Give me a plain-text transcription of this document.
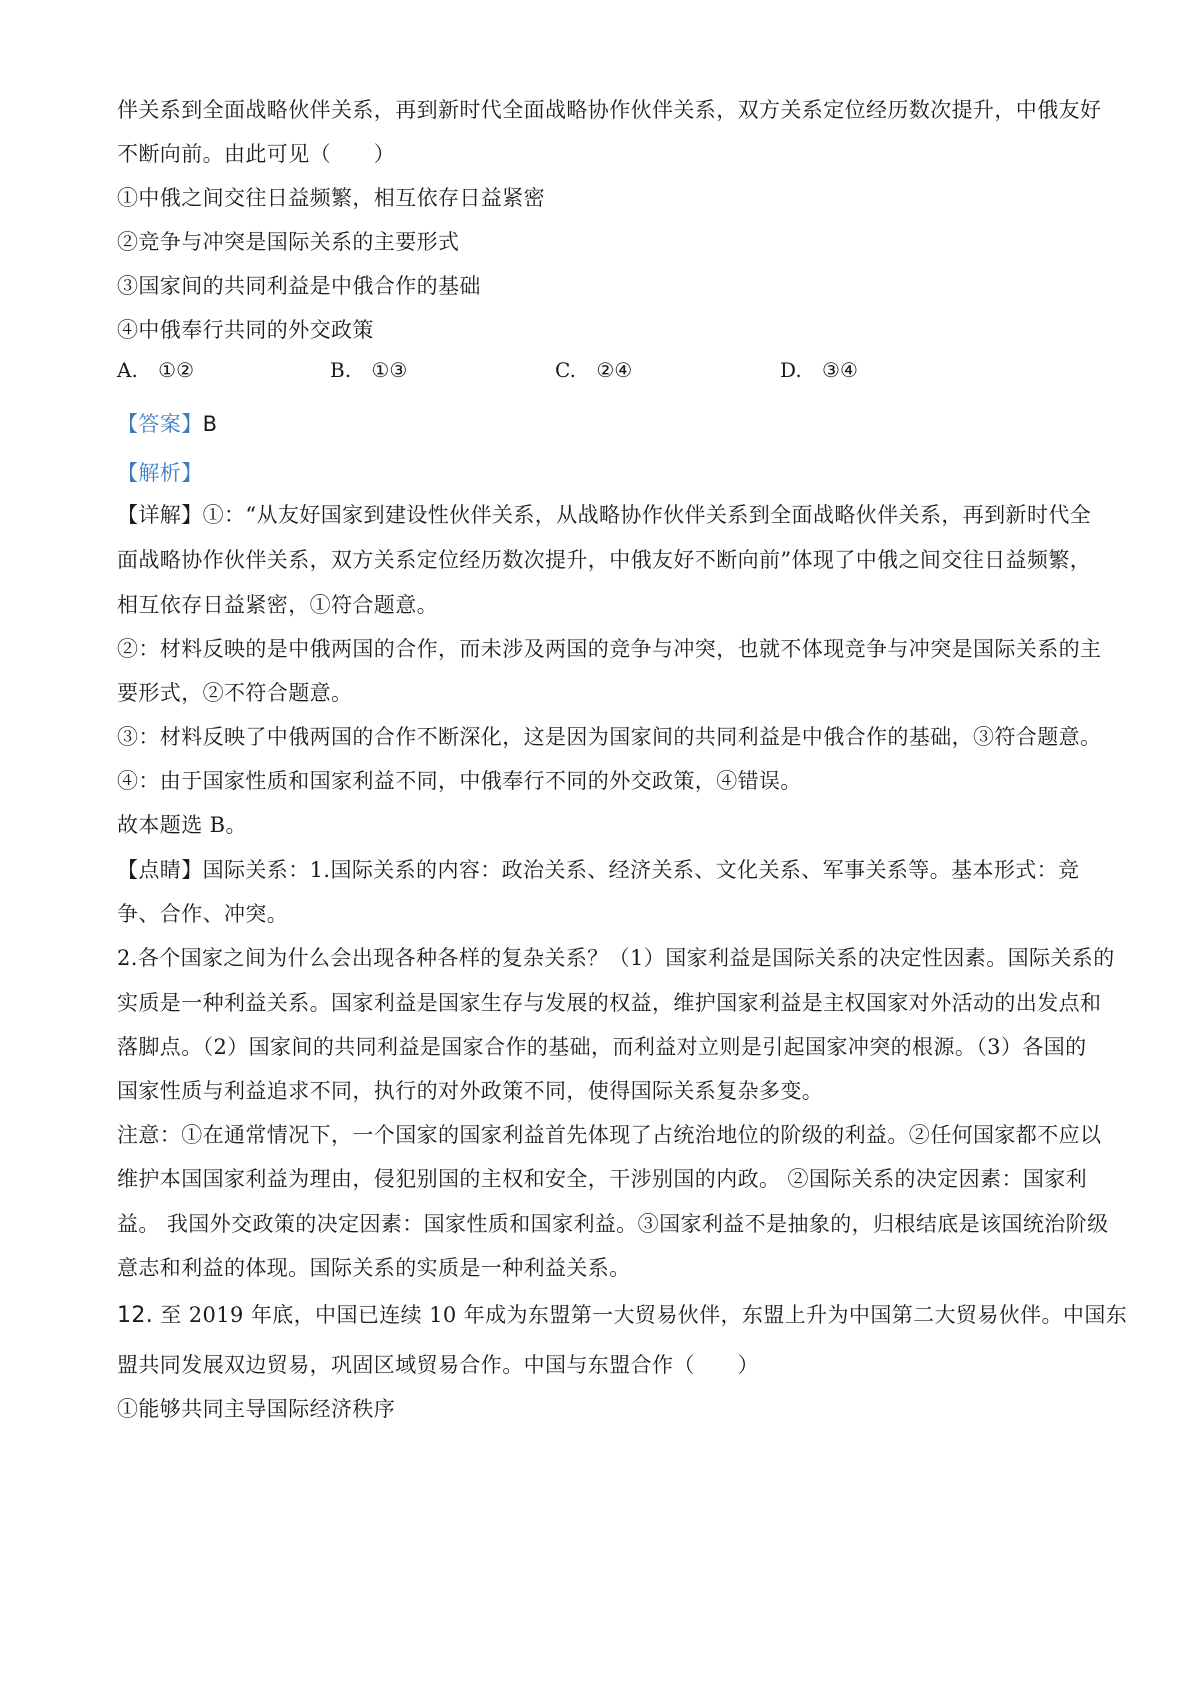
伴关系到全面战略伙伴关系，再到新时代全面战略协作伙伴关系，双方关系定位经历数次提升，中俄友好
不断向前。由此可见（　　）
①中俄之间交往日益频繁，相互依存日益紧密
②竞争与冲突是国际关系的主要形式
③国家间的共同利益是中俄合作的基础
④中俄奉行共同的外交政策
A. ①②	B. ①③	C. ②④	D. ③④
【答案】B
【解析】
【详解】①：“从友好国家到建设性伙伴关系，从战略协作伙伴关系到全面战略伙伴关系，再到新时代全
面战略协作伙伴关系，双方关系定位经历数次提升，中俄友好不断向前”体现了中俄之间交往日益频繁，
相互依存日益紧密，①符合题意。
②：材料反映的是中俄两国的合作，而未涉及两国的竞争与冲突，也就不体现竞争与冲突是国际关系的主
要形式，②不符合题意。
③：材料反映了中俄两国的合作不断深化，这是因为国家间的共同利益是中俄合作的基础，③符合题意。
④：由于国家性质和国家利益不同，中俄奉行不同的外交政策，④错误。
故本题选 B。
【点睛】国际关系：1.国际关系的内容：政治关系、经济关系、文化关系、军事关系等。基本形式：竞
争、合作、冲突。
2.各个国家之间为什么会出现各种各样的复杂关系？（1）国家利益是国际关系的决定性因素。国际关系的
实质是一种利益关系。国家利益是国家生存与发展的权益，维护国家利益是主权国家对外活动的出发点和
落脚点。（2）国家间的共同利益是国家合作的基础，而利益对立则是引起国家冲突的根源。（3）各国的
国家性质与利益追求不同，执行的对外政策不同，使得国际关系复杂多变。
注意：①在通常情况下，一个国家的国家利益首先体现了占统治地位的阶级的利益。②任何国家都不应以
维护本国国家利益为理由，侵犯别国的主权和安全，干涉别国的内政。 ②国际关系的决定因素：国家利
益。 我国外交政策的决定因素：国家性质和国家利益。③国家利益不是抽象的，归根结底是该国统治阶级
意志和利益的体现。国际关系的实质是一种利益关系。
12. 至 2019 年底，中国已连续 10 年成为东盟第一大贸易伙伴，东盟上升为中国第二大贸易伙伴。中国东
盟共同发展双边贸易，巩固区域贸易合作。中国与东盟合作（　　）
①能够共同主导国际经济秩序
